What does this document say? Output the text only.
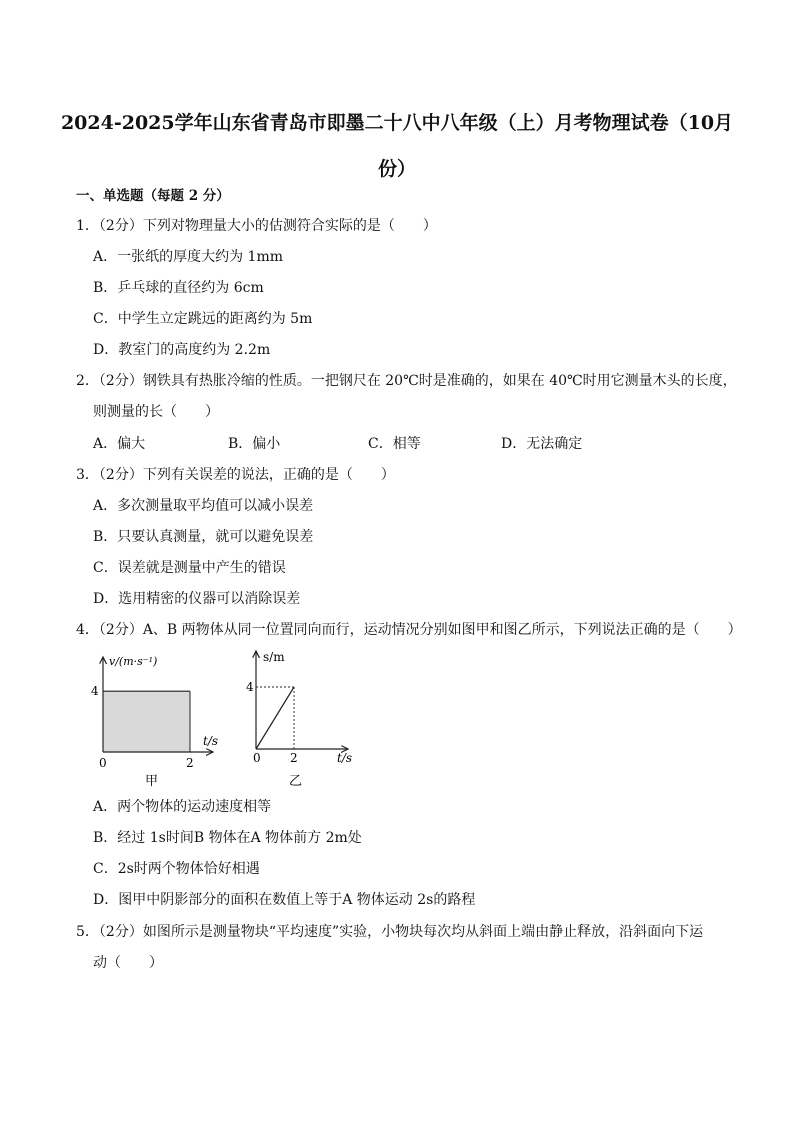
2024-2025学年山东省青岛市即墨二十八中八年级（上）月考物理试卷（10月份）
一、单选题（每题 2 分）
1．（2分）下列对物理量大小的估测符合实际的是（　　）
A．一张纸的厚度大约为 1mm
B．乒乓球的直径约为 6cm
C．中学生立定跳远的距离约为 5m
D．教室门的高度约为 2.2m
2．（2分）钢铁具有热胀冷缩的性质。一把钢尺在 20℃时是准确的，如果在 40℃时用它测量木头的长度，
则测量的长（　　）
A．偏大	B．偏小	C．相等	D．无法确定
3．（2分）下列有关误差的说法，正确的是（　　）
A．多次测量取平均值可以减小误差
B．只要认真测量，就可以避免误差
C．误差就是测量中产生的错误
D．选用精密的仪器可以消除误差
4．（2分）A、B 两物体从同一位置同向而行，运动情况分别如图甲和图乙所示，下列说法正确的是（　　）
v/(m·s⁻¹)
t/s
4
0	2
甲
s/m
t/s
4
0 2
乙
A．两个物体的运动速度相等
B．经过 1s时间B 物体在A 物体前方 2m处
C．2s时两个物体恰好相遇
D．图甲中阴影部分的面积在数值上等于A 物体运动 2s的路程
5．（2分）如图所示是测量物块“平均速度”实验，小物块每次均从斜面上端由静止释放，沿斜面向下运
动（　　）
